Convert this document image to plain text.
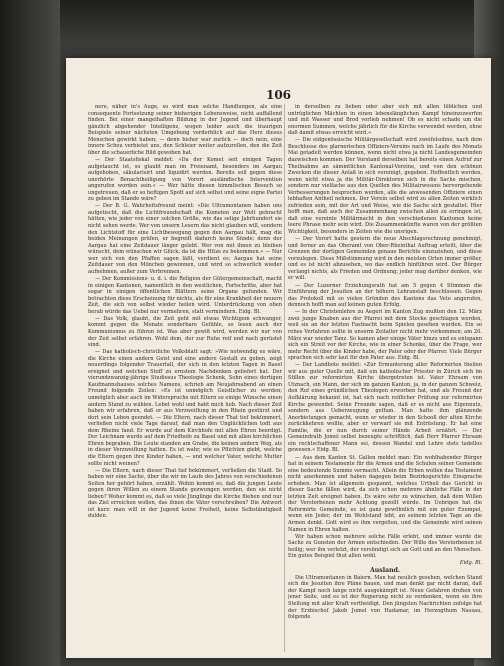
106

nere, näher in's Auge, so wird man solche Handlungen, als eine consequente Fortsetzung seiner bisherigen Lebensweise, nicht auffallend finden. Bei einer mangelhaften Bildung in der Jugend und überhaupt gänzlich abgehender Intelligenz, wogen leider auch die traurigen Beispiele seiner nächsten Umgebung verderblich auf das Herz dieses Menschen gewirkt haben; — denn bisher war zurück — doch nein, eine innere Scheu verbietet uns, den Schleier weiter aufzurollen, den die Zeit über die schauerliche Bild gewoben hat.

— Der Staatsfiskal meldet: »Da der Komet seit einigen Tagen aufgetaucht ist, so glaubt man im Freienamt, besonders im Aargau aufgehoben, säkularisirt und liquidirt werden. Bereits soll gegen diese unerhörte Benachtheiligung von Vorort ausländische Intervention angerufen worden sein.« — Wer hätte diesen himmlischen Besuch so ungetreuen, daß er so heftigen Spott auf sich selbst und seine eigne Partei zu geben im Stande wäre?

— Der B. G. Wahrheitsfreund meint: »Die Ultramontanen haben uns aufgetischt, daß die Lichtfreundschaft die Kometen zur Welt gebracht hätten, wie jeder von einer solchen Größe, wie das selige Jahrhundert sie nicht sehen werde. Wer von unsern Lesern das nicht glauben will, sondern den Lichtstoff für eine Lichtbewegung gegen den Aargau hält, mag die beiden Meinungen prüfen, er begreift dadurch keine Sünde; denn der Aargau hat eine Zeitdauer länger gelebt. Wer von mit ihnen zu bleiben wünscht, dem wünschen wir Glück; da ist die Hitze zu bekommen.« — Nur wer sich von den Pfaffen sagen läßt, verdient es; Aargau hat seine Zeitdauer von den Mönchen gewonnen, und wird so schwerlich wieder aufnehmen, außer zum Verbrennen.

— Der Kommissions- u. d. i. die Religion der Gütergemeinschaft, macht in einigen Kantonen, namentlich in den westlichen, Fortschritte, aber hat sogar in einigen öffentlichen Blättern seine Organe gefunden. Wir betrachten diese Erscheinung für nichts, als für eine Krankheit der neuern Zeit, die sich von selbst wieder heilen wird. Unterdrückung von oben herab würde das Uebel nur vermehren, statt vermindern. Eidg. Bl.

— Das Volk, glaubt, die Zeit geht mit etwas Wichtigem schwanger, kommt gegen die Monate sonderbare Gefühle, so lesen auch der Kommunismus zu führen ist. Was aber gewiß wird, werden wir nur von der Zeit selbst erfahren. Wohl dem, der zur Ruhe reif und nach gerüstet sind.

— Das katholisch-christliche Volksblatt sagt: »Wie notwendig es wäre, die Kirche einen andern Geist und eine andere Gestalt zu geben, zeigt neuerdings folgender Trauerfall, der sich in den letzten Tagen in Basel ereignet und welchen Stoff zu ernstem Nachdenken geliefert hat. Der vierundzwanzig-jährige Studiosus Theologie Schenk, Sohn eines dortigen Kaufmannshauses solches Namens, schrieb am Neujahrsabend an einen Freund folgende Zeilen: »Es ist unmöglich Geistlicher zu werden; unmöglich aber auch im Widerspruche mit Eltern so einige Wünsche einen andern Stand zu wählen. Lebet wohl und habt mich lieb. Nach dieser Zeit haben wir erfahren, daß er aus Verzweiflung in den Rhein gestürzt und dort sein Leben geendet. — Die Eltern, nach dieser That tief bekümmert, verließen nicht viele Tage darauf, daß man den Unglücklichen todt aus dem Rheine fand. Er wurde auf dem Kirchhofe mit allen Ehren beerdigt. Der Leichnam wurde auf dem Friedhofe zu Basel und mit allen kirchlichen Ehren begraben. Die Leute standen am Grabe, die keinen andern Weg, als in dieser Verzweiflung hatten. Es ist wahr, wie es Pflichten giebt, welche die Eltern gegen ihre Kinder haben, — und welcher Vater, welche Mutter sollte nicht weinen?

— Die Eltern, nach dieser That tief bekümmert, verließen die Stadt. So haben wir eine Sache, über die wir im Laufe des Jahres von verschiedenen Seiten her gehört haben, erzählt. Wohin kommt es, daß die jungen Leute gegen ihren Willen zu einem Stande gezwungen werden, den sie nicht lieben? Woher kommt es, daß so viele Jünglinge die Kirche fliehen und nur das Ziel erreichen wollen, das ihnen die Väter vorschreiben? Die Antwort ist kurz: man will in der Jugend keine Freiheit, keine Selbständigkeit dulden.

in derselben zu lieben oder aber sich mit allen löblichen und untrüglichen Mächten in einen lebenslänglichen Kampf hineinzuwerfen und mit Wasser und Brod vorlieb nehmen! Ob es nicht schade um die enormen Summen, welche jährlich für die Kirche verwendet werden, ohne daß damit etwas erreicht wird.«

— Die eidgenössische Militärgesellschaft wird zweifelsohne, nach dem Beschlusse des glarnerischen Offiziers-Vereins nach im Laufe des Monats Mai getadelt werden können, wenn nicht etwa ja nicht Landesgemeinden dazwischen kommen. Der Vorstand derselben hat bereits einen Aufruf zur Theilnahme an sämmtlichen Kantonal-Vereine, und von den schönen Zwecken die dieser Anlaß in sich vereinigt, gegeben. Hoffentlich werden, wenn nicht etwa ja die Militär-Direktoren sich in die Sache mischen, sondern nur vielfache aus den Quellen des Militairwesens hervorgehende Verbesserungen besprochen werden, alle die anwesenden Offiziere einen lebhaften Antheil nehmen. Der Verein selbst wird zu allen Zeiten wirklich zufrieden sein, mit der Art und Weise, wie die Sache sich gestaltet. Hier hofft man, daß auch der Zusammenhang zwischen allen zu erringen ist, daß eine vereinte Militärmacht in den verschiedenen Kantonen keine leere Phrase mehr sein wird. Die Zusammenkünfte waren von der größten Wichtigkeit, besonders in Zeiten wie die unsrigen.

— Der Vorort hatte gestern die neue Abschlagsrechnung genehmigt, und ferner an das Oberamt von Ober-Rheinthal Auftrag erteilt, über die Grenzen der dortigen Gemeinden genaue Berichte einzuziehen, und diese vorzulegen. Diese Mißstimmung wird in den meisten Orten immer größer, und es ist nicht abzusehen, wo das endlich hinführen wird. Der Bürger verlangt nichts, als Frieden und Ordnung; jeder mag darüber denken, wie er will.

— Der Luzerner Erziehungsrath hat am 5 gegen 4 Stimmen die Einführung der Jesuiten an der höhern Lehranstalt beschlossen. Gegen das Protokoll mit so vielen Gründen des Kantons das Veto angerufen, dennoch hofft man auf keinen guten Erfolg.

— In der Christenlehre zu Aegeri im Kanton Zug mußten den 12. März zwei junge Knaben aus der Pfarrei mit dem Stocke geschlagen werden, weil sie an der letzten Fastnacht beim Spielen gesehen wurden. Ein so rohes Verfahren sollte in unserm Zeitalter nicht mehr vorkommen; am 20. März war wieder Tanz. So kamen aber einige Väter hinzu und es entspann sich ein Streit vor der Kirche, wie in einer Schenke, über die Frage, wer mehr Recht über die Kinder habe, der Pater oder der Pfarrer. Viele Bürger sprachen sich sehr laut für den Pater aus. Eidg. Bl.

— Der Landbote meldet: »Zur Ermunterung aller Reformirten theilen wir aus guter Quelle mit, daß ein katholischer Priester in Zürich sich im Stillen zur reformirten Kirche übergetreten ist. Vater Ehrsam von Utznach, ein Mann, der sich im ganzen Kanton, ja, in der ganzen Schweiz, den Ruf eines gründlichen Theologen erworben hat, und als Freund der Aufklärung bekannt ist, hat sich nach reiflicher Prüfung zur reformirten Kirche gewendet. Seine Freunde sagen, daß er es nicht aus Eigennutz, sondern aus Ueberzeugung gethan. Man hatte ihm glänzende Anerbietungen gemacht, wenn er wieder in den Schooß der alten Kirche zurückkehren wollte, aber er verwarf sie mit Entrüstung. Er hat eine Familie, die er nun durch seiner Hände Arbeit ernährt. — Der Gemeindrath Jomel selbst bezeugte schriftlich, daß Herr Pfarrer Ehrsam ein rechtschaffener Mann sei, dessen Wandel und Lehre stets tadellos gewesen.« Eidg. Bl.

— Aus dem Kanton St. Gallen meldet man: Ein wohlhabender Bürger hat in seinem Testamente für die Armen und die Schulen seiner Gemeinde eine bedeutende Summe vermacht. Allein die Erben wollen das Testament nicht anerkennen und haben dagegen beim Bezirksgerichte Einsprache erhoben. Man ist allgemein gespannt, welches Urtheil das Gericht in dieser Sache fällen wird, da sich schon mehrere ähnliche Fälle in der letzten Zeit ereignet haben. Es wäre sehr zu wünschen, daß dem Willen der Verstorbenen mehr Achtung gezollt würde. Im Uebrigen hat die Reformirte Gemeinde, es ist ganz gewöhnlich mit ein guter Exempel, wenn ein Jeder, der im Wohlstand lebt, an seinem letzten Tage an die Armen denkt. Gott wird es ihm vergelten, und die Gemeinde wird seinen Namen in Ehren halten.

Wir haben schon mehrere solche Fälle erlebt, und immer wurde die Sache zu Gunsten der Armen entschieden. Der Wille des Verstorbenen ist heilig; wer ihn verletzt, der versündigt sich an Gott und an den Menschen. Ein gutes Beispiel thut allen wohl.

Eidg. Bl.

Ausland.

Die Ultramontanen in Baiern. Man hat neulich gesehen, welchen Stand sich die Jesuiten ihre Pläne bauen, und man denkt gar nicht daran, daß der Kampf noch lange nicht ausgekämpft ist. Neue Gefahren drohen von jener Seite, und es ist der Regierung nicht zu verdenken, wenn sie ihre Stellung mit aller Kraft vertheidigt. Den jüngsten Nachrichten zufolge hat der Erzbischof Jakob Jumel von Hadamar, im Herzogthum Nassau, folgende
